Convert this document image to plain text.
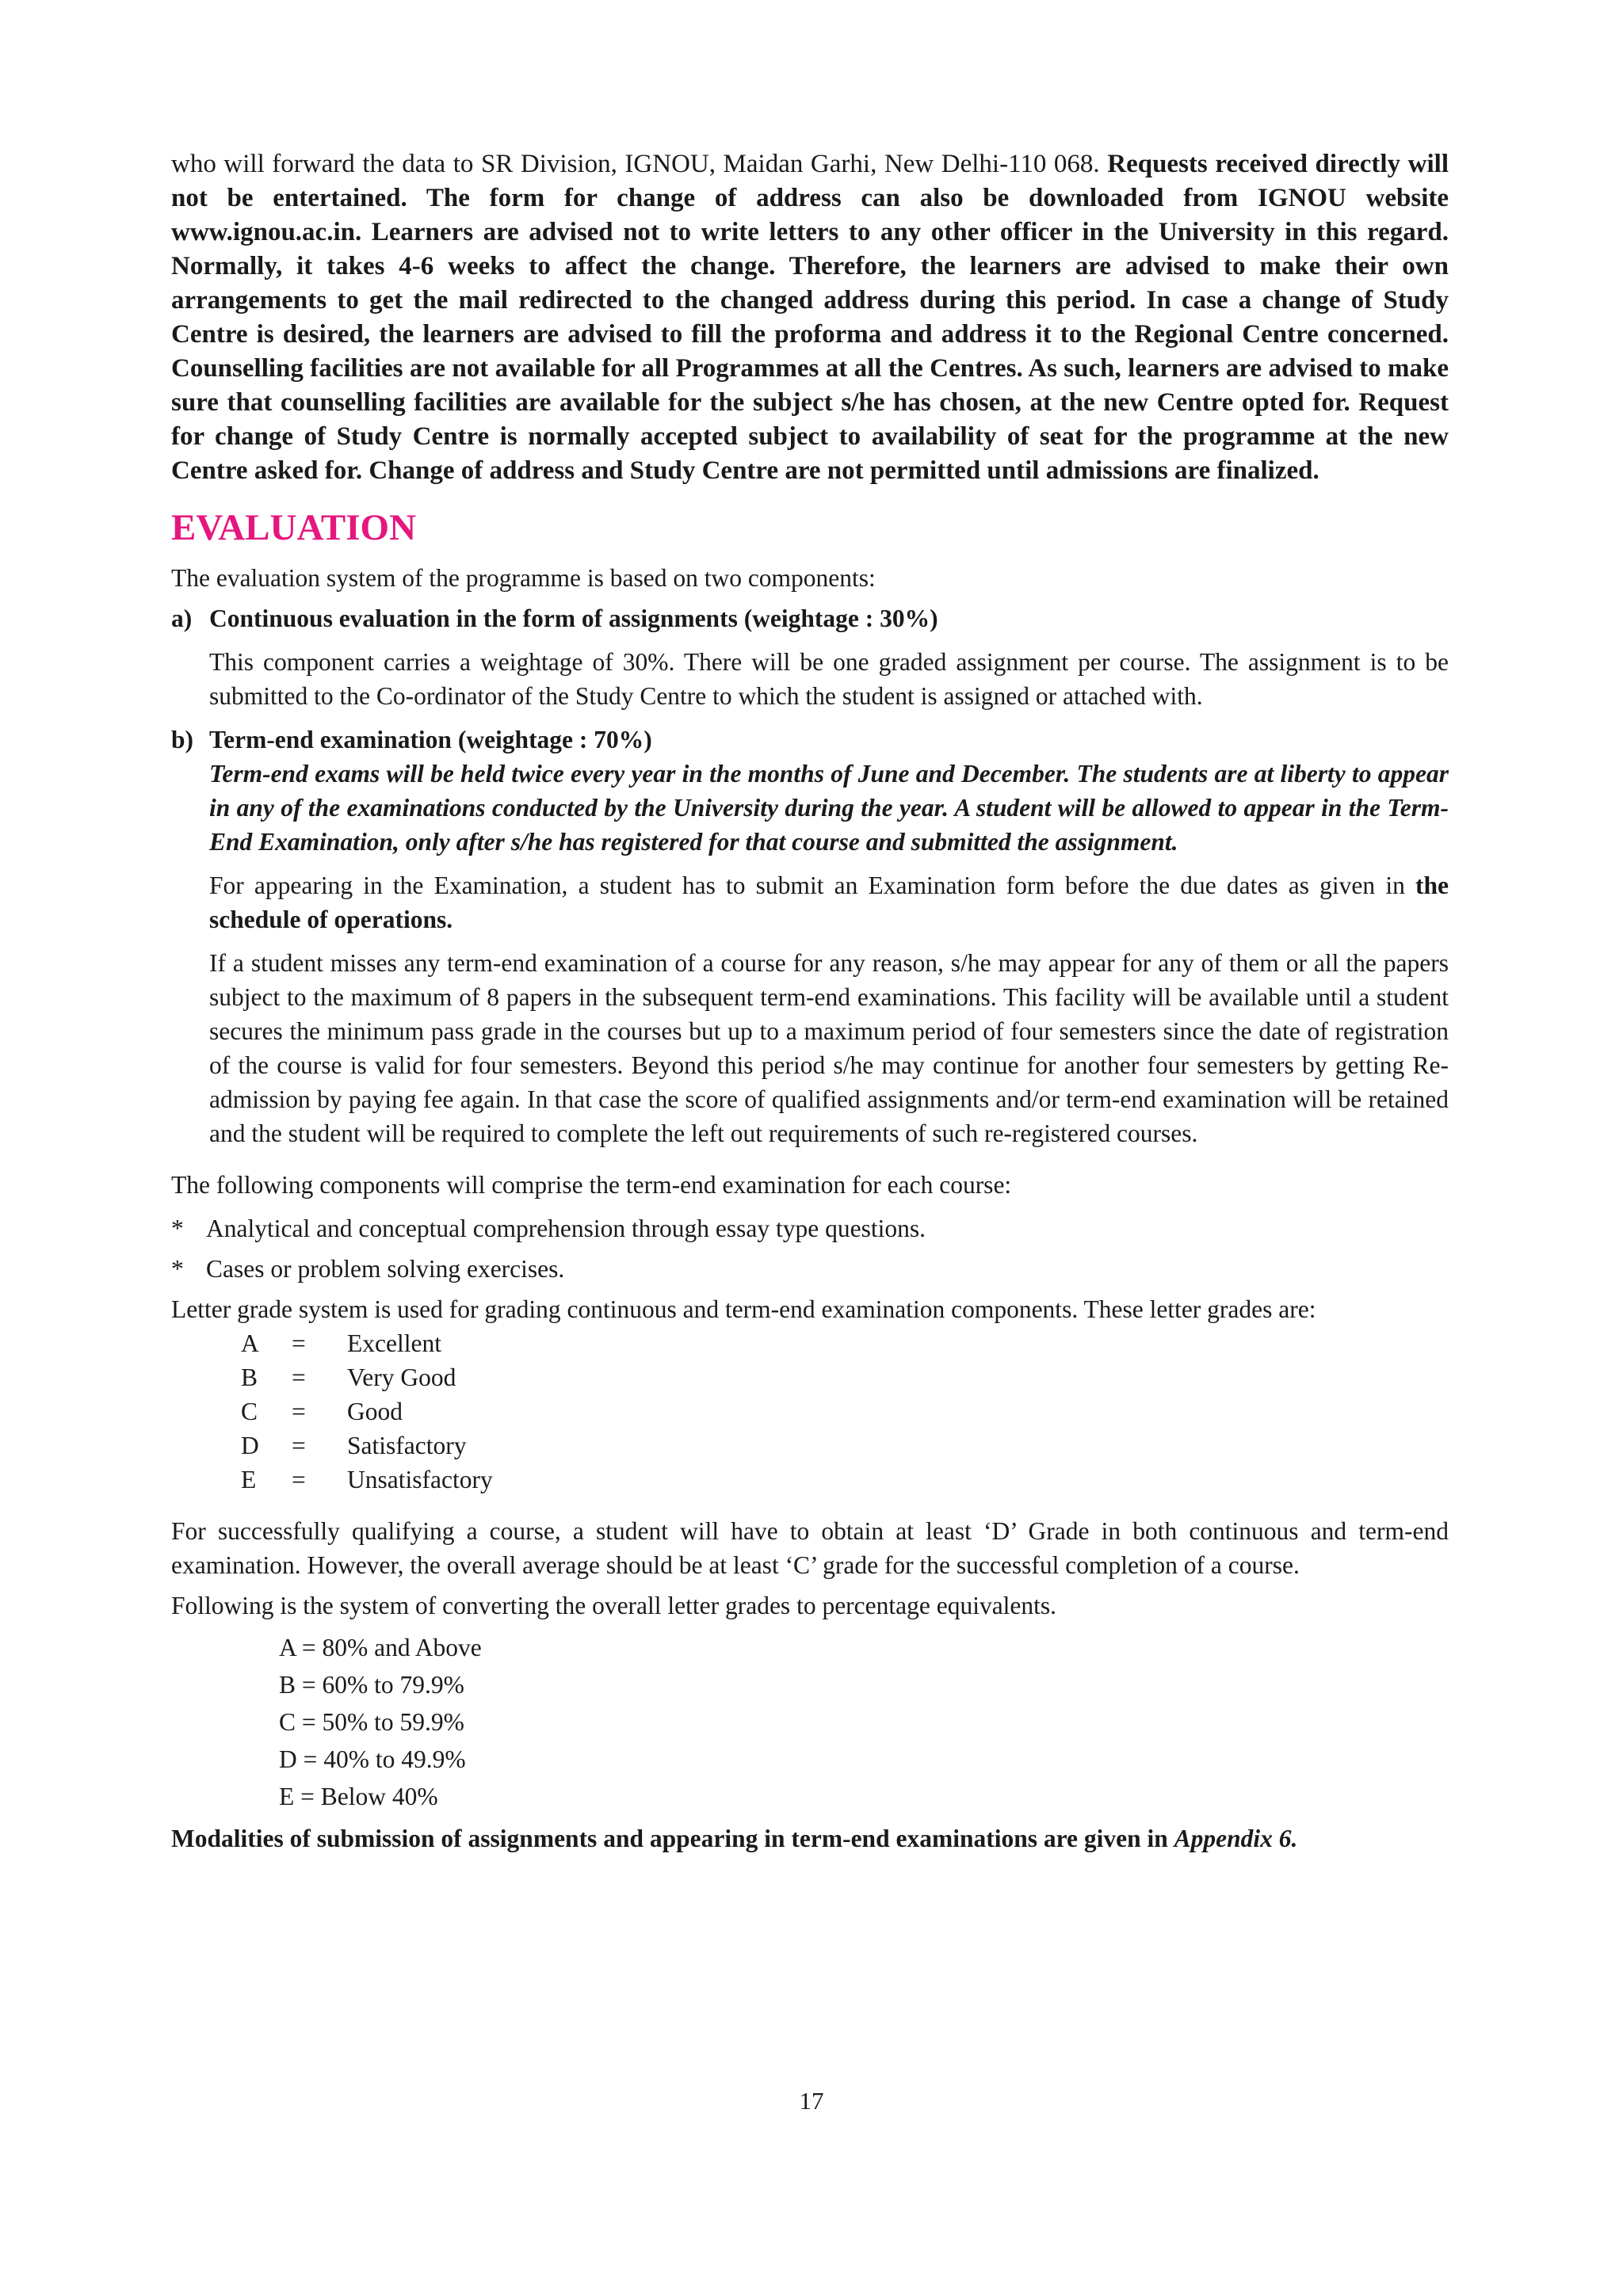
who will forward the data to SR Division, IGNOU, Maidan Garhi, New Delhi-110 068. Requests received directly will not be entertained. The form for change of address can also be downloaded from IGNOU website www.ignou.ac.in. Learners are advised not to write letters to any other officer in the University in this regard. Normally, it takes 4-6 weeks to affect the change. Therefore, the learners are advised to make their own arrangements to get the mail redirected to the changed address during this period. In case a change of Study Centre is desired, the learners are advised to fill the proforma and address it to the Regional Centre concerned. Counselling facilities are not available for all Programmes at all the Centres. As such, learners are advised to make sure that counselling facilities are available for the subject s/he has chosen, at the new Centre opted for. Request for change of Study Centre is normally accepted subject to availability of seat for the programme at the new Centre asked for. Change of address and Study Centre are not permitted until admissions are finalized.

EVALUATION

The evaluation system of the programme is based on two components:

a) Continuous evaluation in the form of assignments (weightage : 30%)

This component carries a weightage of 30%. There will be one graded assignment per course. The assignment is to be submitted to the Co-ordinator of the Study Centre to which the student is assigned or attached with.

b) Term-end examination (weightage : 70%)

Term-end exams will be held twice every year in the months of June and December. The students are at liberty to appear in any of the examinations conducted by the University during the year. A student will be allowed to appear in the Term-End Examination, only after s/he has registered for that course and submitted the assignment.

For appearing in the Examination, a student has to submit an Examination form before the due dates as given in the schedule of operations.

If a student misses any term-end examination of a course for any reason, s/he may appear for any of them or all the papers subject to the maximum of 8 papers in the subsequent term-end examinations. This facility will be available until a student secures the minimum pass grade in the courses but up to a maximum period of four semesters since the date of registration of the course is valid for four semesters. Beyond this period s/he may continue for another four semesters by getting Re-admission by paying fee again. In that case the score of qualified assignments and/or term-end examination will be retained and the student will be required to complete the left out requirements of such re-registered courses.

The following components will comprise the term-end examination for each course:

* Analytical and conceptual comprehension through essay type questions.
* Cases or problem solving exercises.

Letter grade system is used for grading continuous and term-end examination components. These letter grades are:

A	=	Excellent
B	=	Very Good
C	=	Good
D	=	Satisfactory
E	=	Unsatisfactory

For successfully qualifying a course, a student will have to obtain at least ‘D’ Grade in both continuous and term-end examination. However, the overall average should be at least ‘C’ grade for the successful completion of a course.

Following is the system of converting the overall letter grades to percentage equivalents.

A = 80% and Above
B = 60% to 79.9%
C = 50% to 59.9%
D = 40% to 49.9%
E = Below 40%

Modalities of submission of assignments and appearing in term-end examinations are given in Appendix 6.

17
